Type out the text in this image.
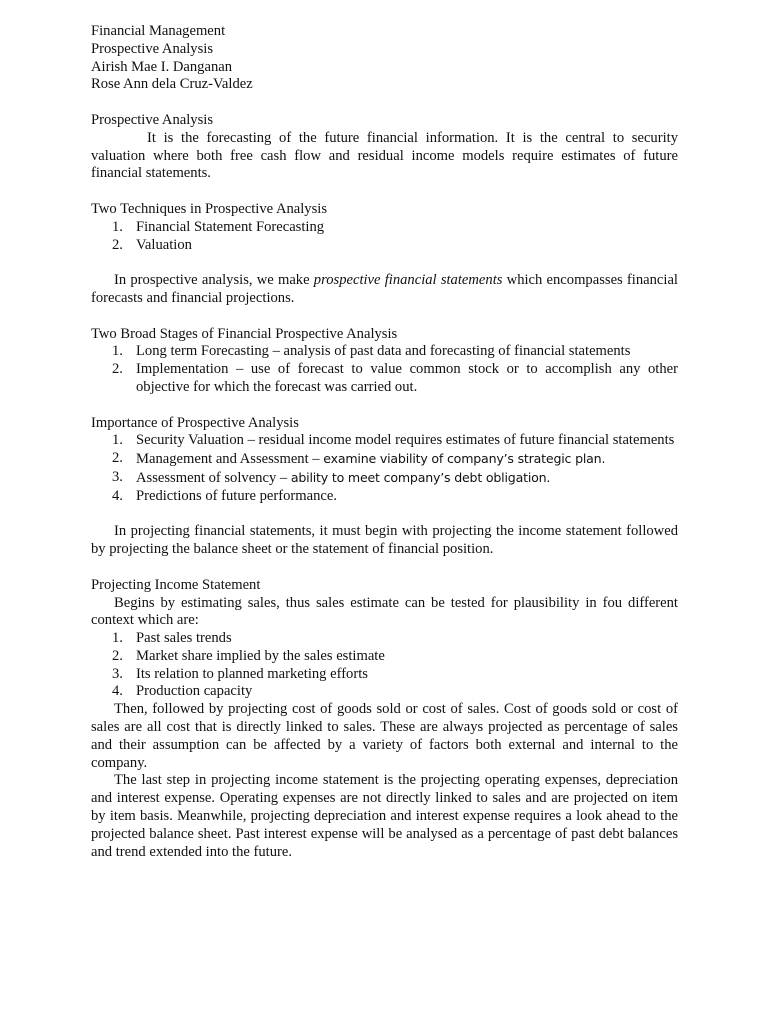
Financial Management

Prospective Analysis

Airish Mae I. Danganan

Rose Ann dela Cruz-Valdez

Prospective Analysis

It is the forecasting of the future financial information. It is the central to security valuation where both free cash flow and residual income models require estimates of future financial statements.

Two Techniques in Prospective Analysis

1. Financial Statement Forecasting
2. Valuation

In prospective analysis, we make prospective financial statements which encompasses financial forecasts and financial projections.

Two Broad Stages of Financial Prospective Analysis

1. Long term Forecasting – analysis of past data and forecasting of financial statements
2. Implementation – use of forecast to value common stock or to accomplish any other objective for which the forecast was carried out.

Importance of Prospective Analysis

1. Security Valuation – residual income model requires estimates of future financial statements
2. Management and Assessment – examine viability of company’s strategic plan.
3. Assessment of solvency – ability to meet company’s debt obligation.
4. Predictions of future performance.

In projecting financial statements, it must begin with projecting the income statement followed by projecting the balance sheet or the statement of financial position.

Projecting Income Statement

Begins by estimating sales, thus sales estimate can be tested for plausibility in fou different context which are:

1. Past sales trends
2. Market share implied by the sales estimate
3. Its relation to planned marketing efforts
4. Production capacity

Then, followed by projecting cost of goods sold or cost of sales. Cost of goods sold or cost of sales are all cost that is directly linked to sales. These are always projected as percentage of sales and their assumption can be affected by a variety of factors both external and internal to the company.

The last step in projecting income statement is the projecting operating expenses, depreciation and interest expense. Operating expenses are not directly linked to sales and are projected on item by item basis. Meanwhile, projecting depreciation and interest expense requires a look ahead to the projected balance sheet. Past interest expense will be analysed as a percentage of past debt balances and trend extended into the future.
